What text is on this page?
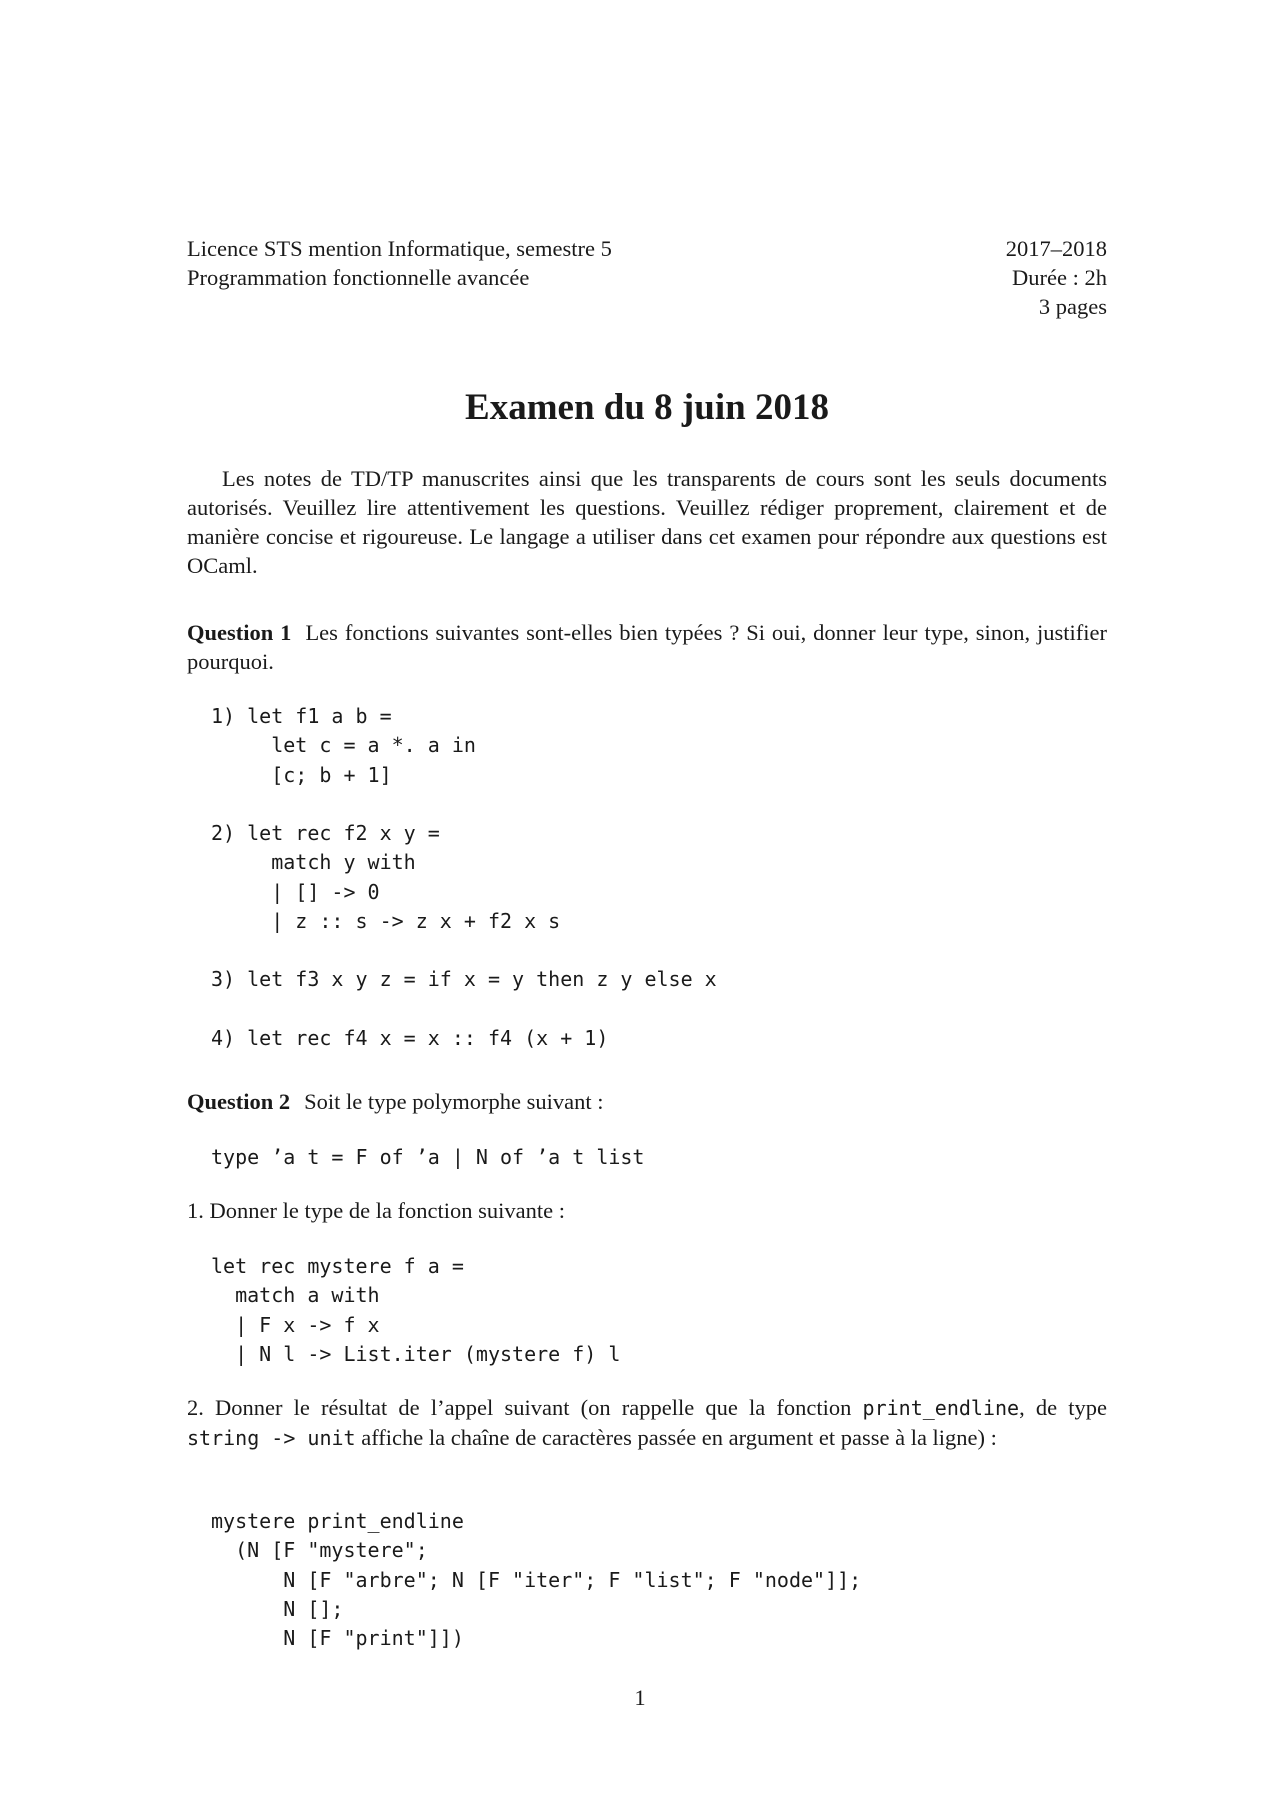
Licence STS mention Informatique, semestre 5
Programmation fonctionnelle avancée
2017–2018
Durée : 2h
3 pages
Examen du 8 juin 2018

Les notes de TD/TP manuscrites ainsi que les transparents de cours sont les seuls documents autorisés. Veuillez lire attentivement les questions. Veuillez rédiger proprement, clairement et de manière concise et rigoureuse. Le langage a utiliser dans cet examen pour répondre aux questions est OCaml.

Question 1 Les fonctions suivantes sont-elles bien typées ? Si oui, donner leur type, sinon, justifier pourquoi.

1) let f1 a b =
let c = a *. a in
[c; b + 1]
2) let rec f2 x y =
match y with
| [] -> 0
| z :: s -> z x + f2 x s
3) let f3 x y z = if x = y then z y else x
4) let rec f4 x = x :: f4 (x + 1)

Question 2 Soit le type polymorphe suivant :

type ’a t = F of ’a | N of ’a t list

1. Donner le type de la fonction suivante :

let rec mystere f a =
match a with
| F x -> f x
| N l -> List.iter (mystere f) l

2. Donner le résultat de l’appel suivant (on rappelle que la fonction print_endline, de type string -> unit affiche la chaîne de caractères passée en argument et passe à la ligne) :

mystere print_endline
(N [F "mystere";
N [F "arbre"; N [F "iter"; F "list"; F "node"]];
N [];
N [F "print"]])
1
